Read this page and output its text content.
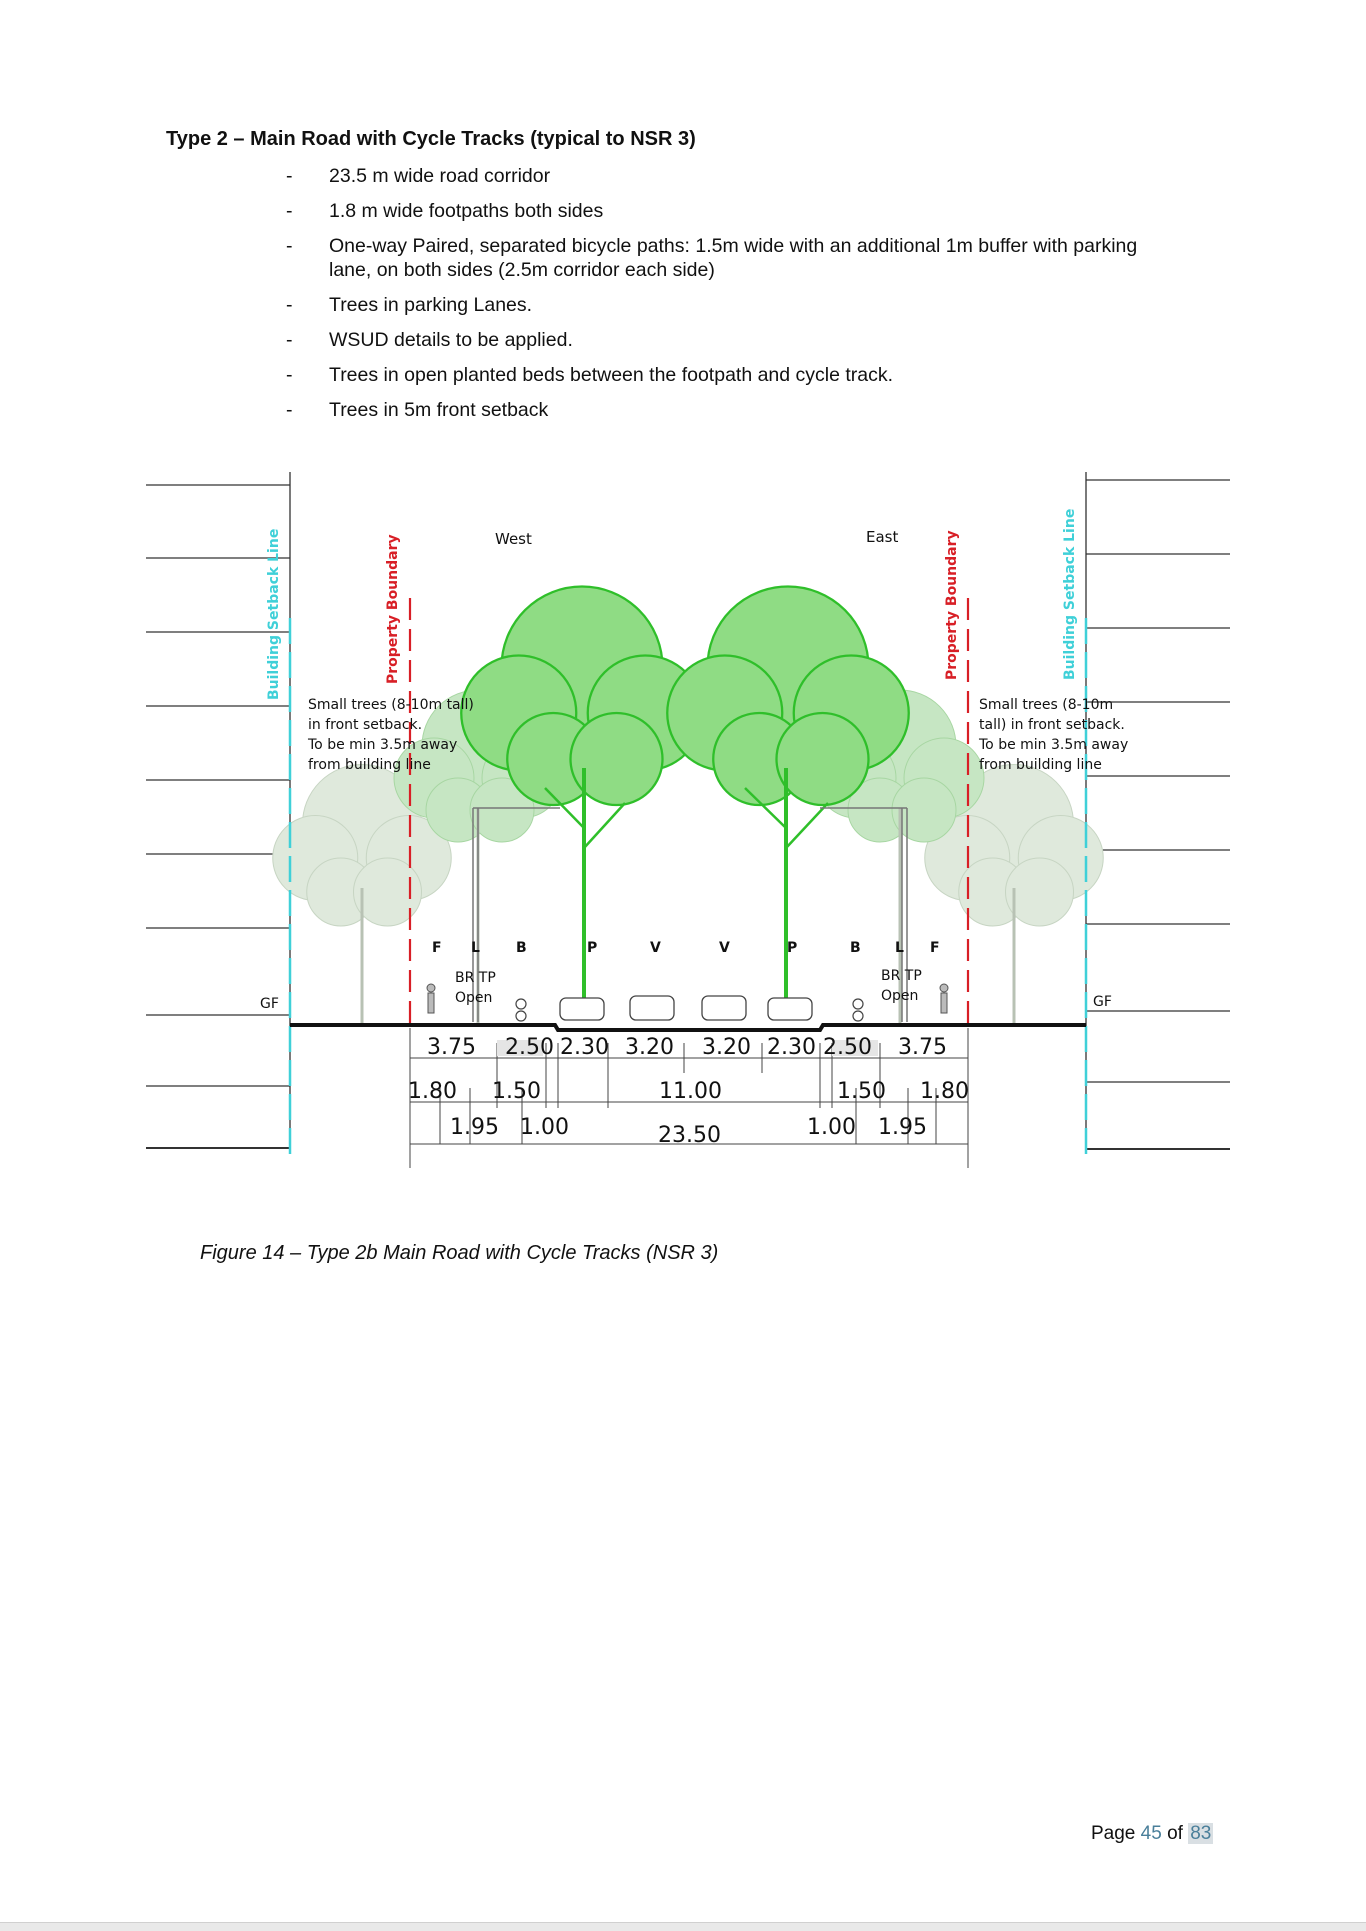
Type 2 – Main Road with Cycle Tracks (typical to NSR 3)

- 23.5 m wide road corridor
- 1.8 m wide footpaths both sides
- One-way Paired, separated bicycle paths: 1.5m wide with an additional 1m buffer with parking lane, on both sides (2.5m corridor each side)
- Trees in parking Lanes.
- WSUD details to be applied.
- Trees in open planted beds between the footpath and cycle track.
- Trees in 5m front setback
Building Setback Line	Property Boundary	Property Boundary	Building Setback Line
West	East
Small trees (8-10m tall)
in front setback.
To be min 3.5m away
from building line
Small trees (8-10m
tall) in front setback.
To be min 3.5m away
from building line
F L	B	P	V	V	P	B L F
BR TP
Open
BR TP
Open
GF	GF
3.75 2.50 2.30 3.20 3.20 2.30 2.50 3.75
1.80 1.50	11.00	1.50 1.80
1.95 1.00	23.50	1.00 1.95

Figure 14 – Type 2b Main Road with Cycle Tracks (NSR 3)

Page 45 of 83
